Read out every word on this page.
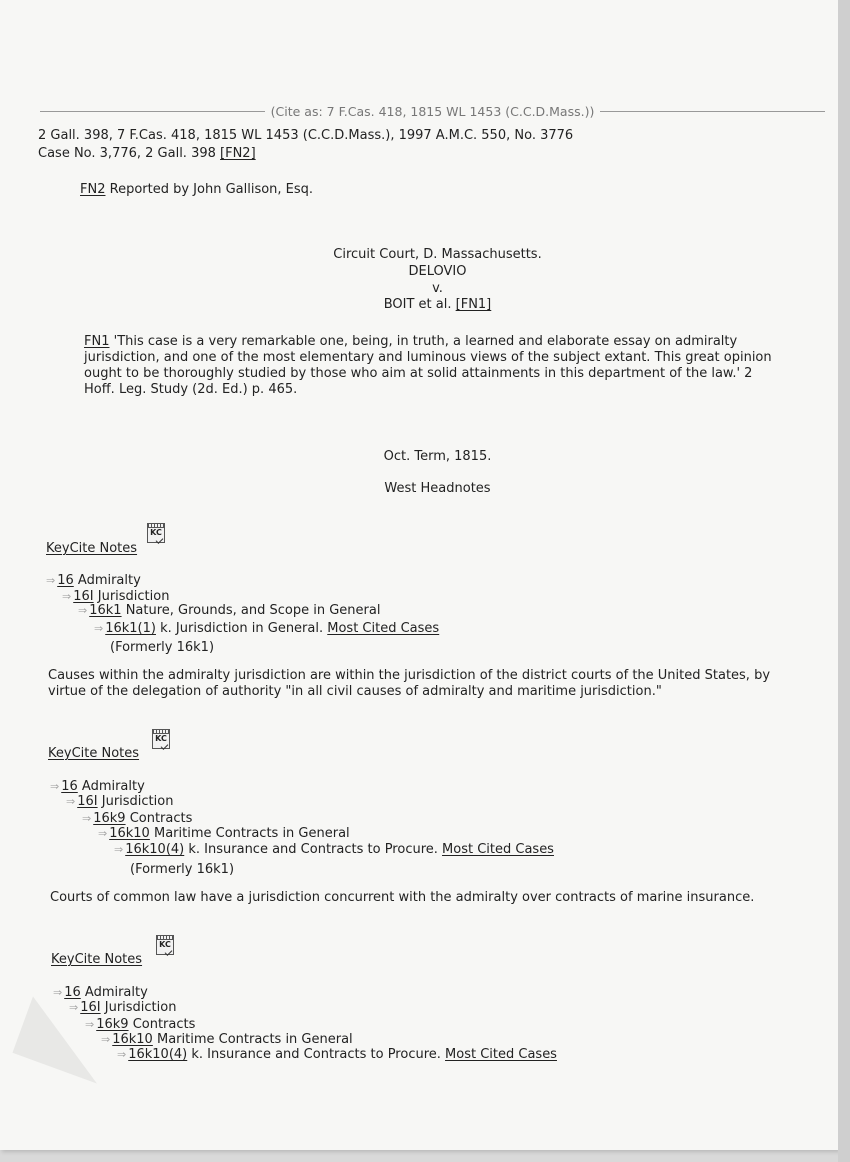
(Cite as: 7 F.Cas. 418, 1815 WL 1453 (C.C.D.Mass.))
2 Gall. 398, 7 F.Cas. 418, 1815 WL 1453 (C.C.D.Mass.), 1997 A.M.C. 550, No. 3776
Case No. 3,776, 2 Gall. 398 [FN2]
FN2 Reported by John Gallison, Esq.
Circuit Court, D. Massachusetts.
DELOVIO
v.
BOIT et al. [FN1]
FN1 'This case is a very remarkable one, being, in truth, a learned and elaborate essay on admiralty jurisdiction, and one of the most elementary and luminous views of the subject extant. This great opinion ought to be thoroughly studied by those who aim at solid attainments in this department of the law.' 2 Hoff. Leg. Study (2d. Ed.) p. 465.
Oct. Term, 1815.
West Headnotes
KC
KeyCite Notes
⇒ 16 Admiralty
⇒ 16I Jurisdiction
⇒ 16k1 Nature, Grounds, and Scope in General
⇒ 16k1(1) k. Jurisdiction in General. Most Cited Cases
(Formerly 16k1)
Causes within the admiralty jurisdiction are within the jurisdiction of the district courts of the United States, by virtue of the delegation of authority "in all civil causes of admiralty and maritime jurisdiction."
KC
KeyCite Notes
⇒ 16 Admiralty
⇒ 16I Jurisdiction
⇒ 16k9 Contracts
⇒ 16k10 Maritime Contracts in General
⇒ 16k10(4) k. Insurance and Contracts to Procure. Most Cited Cases
(Formerly 16k1)
Courts of common law have a jurisdiction concurrent with the admiralty over contracts of marine insurance.
KC
KeyCite Notes
⇒ 16 Admiralty
⇒ 16I Jurisdiction
⇒ 16k9 Contracts
⇒ 16k10 Maritime Contracts in General
⇒ 16k10(4) k. Insurance and Contracts to Procure. Most Cited Cases
